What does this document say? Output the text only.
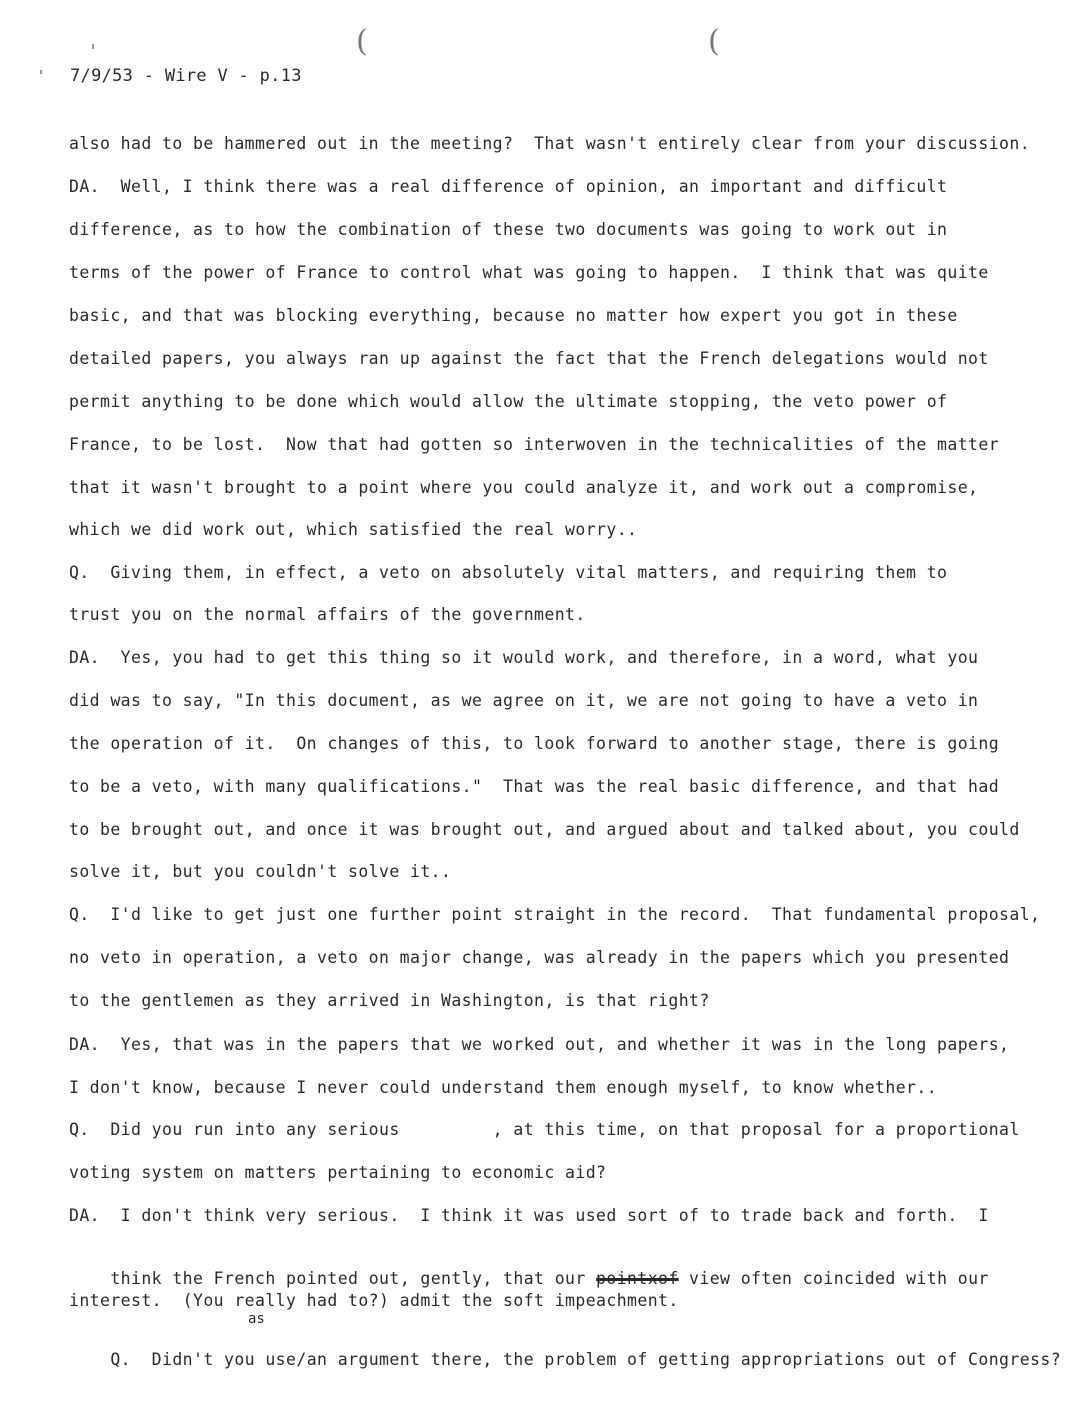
(	(
7/9/53 - Wire V - p.13
also had to be hammered out in the meeting?  That wasn't entirely clear from your discussion.
DA.  Well, I think there was a real difference of opinion, an important and difficult
difference, as to how the combination of these two documents was going to work out in
terms of the power of France to control what was going to happen.  I think that was quite
basic, and that was blocking everything, because no matter how expert you got in these
detailed papers, you always ran up against the fact that the French delegations would not
permit anything to be done which would allow the ultimate stopping, the veto power of
France, to be lost.  Now that had gotten so interwoven in the technicalities of the matter
that it wasn't brought to a point where you could analyze it, and work out a compromise,
which we did work out, which satisfied the real worry..
Q.  Giving them, in effect, a veto on absolutely vital matters, and requiring them to
trust you on the normal affairs of the government.
DA.  Yes, you had to get this thing so it would work, and therefore, in a word, what you
did was to say, "In this document, as we agree on it, we are not going to have a veto in
the operation of it.  On changes of this, to look forward to another stage, there is going
to be a veto, with many qualifications."  That was the real basic difference, and that had
to be brought out, and once it was brought out, and argued about and talked about, you could
solve it, but you couldn't solve it..
Q.  I'd like to get just one further point straight in the record.  That fundamental proposal,
no veto in operation, a veto on major change, was already in the papers which you presented
to the gentlemen as they arrived in Washington, is that right?
DA.  Yes, that was in the papers that we worked out, and whether it was in the long papers,
I don't know, because I never could understand them enough myself, to know whether..
Q.  Did you run into any serious         , at this time, on that proposal for a proportional
voting system on matters pertaining to economic aid?
DA.  I don't think very serious.  I think it was used sort of to trade back and forth.  I

think the French pointed out, gently, that our pointxof view often coincided with our

interest.  (You really had to?) admit the soft impeachment.
as

Q.  Didn't you use/an argument there, the problem of getting appropriations out of Congress?
